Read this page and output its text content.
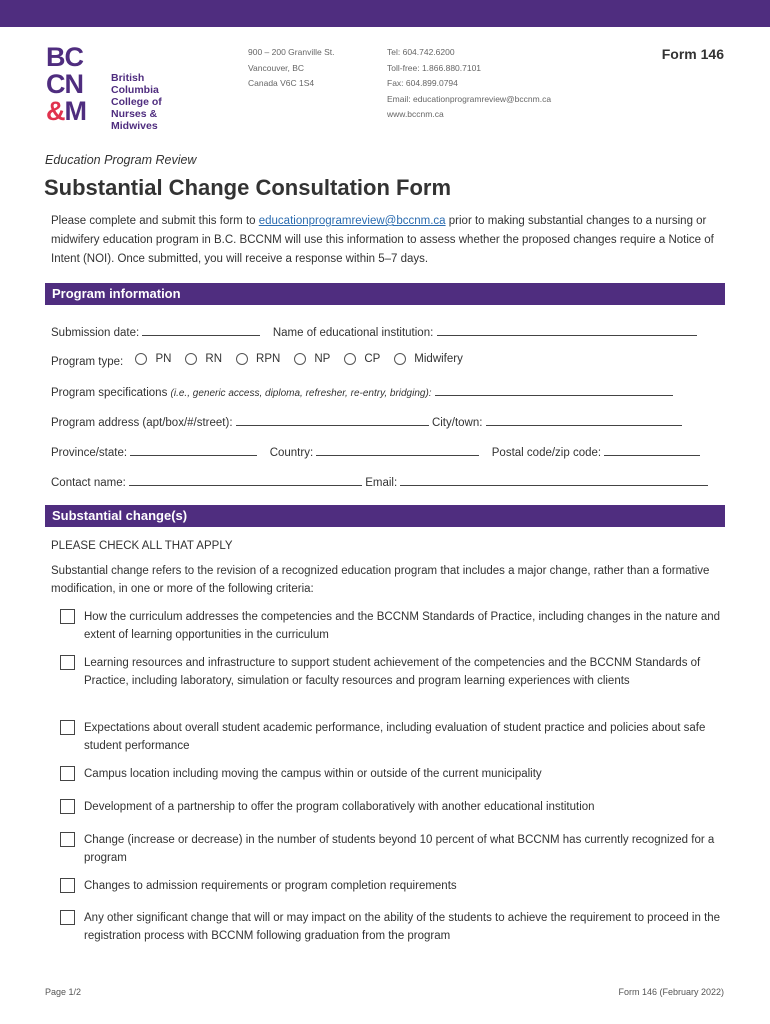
BC
CN
&M
British
Columbia
College of
Nurses &
Midwives
900 – 200 Granville St.
Vancouver, BC
Canada V6C 1S4
Tel: 604.742.6200
Toll-free: 1.866.880.7101
Fax: 604.899.0794
Email: educationprogramreview@bccnm.ca
www.bccnm.ca
Form 146
Education Program Review
Substantial Change Consultation Form
Please complete and submit this form to educationprogramreview@bccnm.ca prior to making substantial changes to a nursing or midwifery education program in B.C. BCCNM will use this information to assess whether the proposed changes require a Notice of Intent (NOI). Once submitted, you will receive a response within 5–7 days.
Program information
Submission date:	Name of educational institution:
Program type:	PN	RN	RPN	NP	CP	Midwifery
Program specifications (i.e., generic access, diploma, refresher, re-entry, bridging):
Program address (apt/box/#/street):	City/town:
Province/state:	Country:	Postal code/zip code:
Contact name:	Email:
Substantial change(s)
PLEASE CHECK ALL THAT APPLY
Substantial change refers to the revision of a recognized education program that includes a major change, rather than a formative modification, in one or more of the following criteria:
How the curriculum addresses the competencies and the BCCNM Standards of Practice, including changes in the nature and extent of learning opportunities in the curriculum
Learning resources and infrastructure to support student achievement of the competencies and the BCCNM Standards of Practice, including laboratory, simulation or faculty resources and program learning experiences with clients
Expectations about overall student academic performance, including evaluation of student practice and policies about safe student performance
Campus location including moving the campus within or outside of the current municipality
Development of a partnership to offer the program collaboratively with another educational institution
Change (increase or decrease) in the number of students beyond 10 percent of what BCCNM has currently recognized for a program
Changes to admission requirements or program completion requirements
Any other significant change that will or may impact on the ability of the students to achieve the requirement to proceed in the registration process with BCCNM following graduation from the program
Page 1/2	Form 146 (February 2022)
